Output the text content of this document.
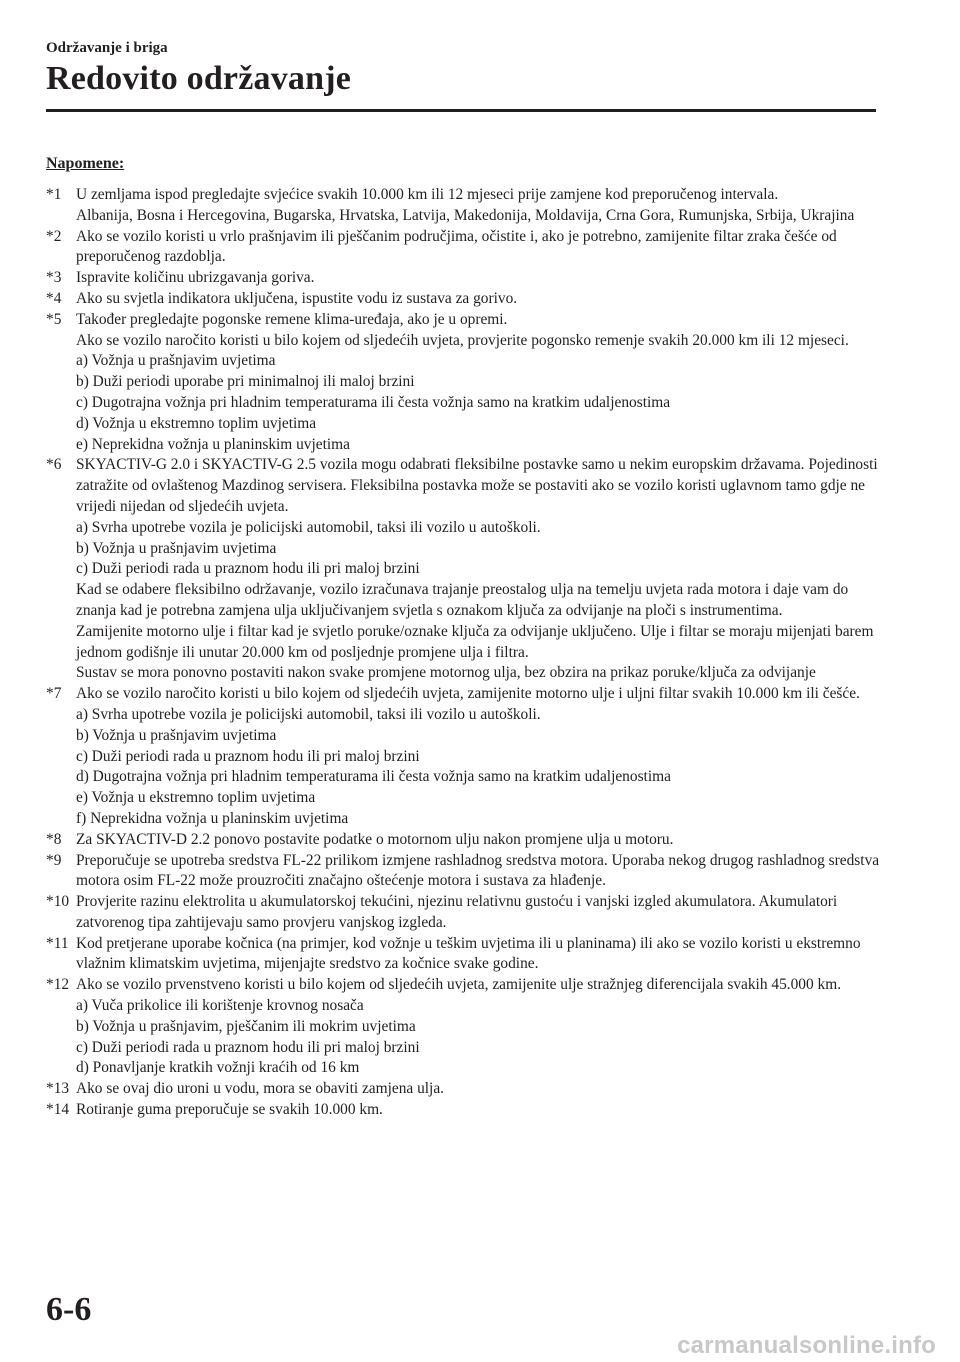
Održavanje i briga
Redovito održavanje
Napomene:
*1 U zemljama ispod pregledajte svjećice svakih 10.000 km ili 12 mjeseci prije zamjene kod preporučenog intervala.
Albanija, Bosna i Hercegovina, Bugarska, Hrvatska, Latvija, Makedonija, Moldavija, Crna Gora, Rumunjska, Srbija, Ukrajina
*2 Ako se vozilo koristi u vrlo prašnjavim ili pješčanim područjima, očistite i, ako je potrebno, zamijenite filtar zraka češće od preporučenog razdoblja.
*3 Ispravite količinu ubrizgavanja goriva.
*4 Ako su svjetla indikatora uključena, ispustite vodu iz sustava za gorivo.
*5 Također pregledajte pogonske remene klima-uređaja, ako je u opremi.
Ako se vozilo naročito koristi u bilo kojem od sljedećih uvjeta, provjerite pogonsko remenje svakih 20.000 km ili 12 mjeseci.
a) Vožnja u prašnjavim uvjetima
b) Duži periodi uporabe pri minimalnoj ili maloj brzini
c) Dugotrajna vožnja pri hladnim temperaturama ili česta vožnja samo na kratkim udaljenostima
d) Vožnja u ekstremno toplim uvjetima
e) Neprekidna vožnja u planinskim uvjetima
*6 SKYACTIV-G 2.0 i SKYACTIV-G 2.5 vozila mogu odabrati fleksibilne postavke samo u nekim europskim državama. Pojedinosti zatražite od ovlaštenog Mazdinog servisera. Fleksibilna postavka može se postaviti ako se vozilo koristi uglavnom tamo gdje ne vrijedi nijedan od sljedećih uvjeta.
a) Svrha upotrebe vozila je policijski automobil, taksi ili vozilo u autoškoli.
b) Vožnja u prašnjavim uvjetima
c) Duži periodi rada u praznom hodu ili pri maloj brzini
Kad se odabere fleksibilno održavanje, vozilo izračunava trajanje preostalog ulja na temelju uvjeta rada motora i daje vam do znanja kad je potrebna zamjena ulja uključivanjem svjetla s oznakom ključa za odvijanje na ploči s instrumentima.
Zamijenite motorno ulje i filtar kad je svjetlo poruke/oznake ključa za odvijanje uključeno. Ulje i filtar se moraju mijenjati barem jednom godišnje ili unutar 20.000 km od posljednje promjene ulja i filtra.
Sustav se mora ponovno postaviti nakon svake promjene motornog ulja, bez obzira na prikaz poruke/ključa za odvijanje
*7 Ako se vozilo naročito koristi u bilo kojem od sljedećih uvjeta, zamijenite motorno ulje i uljni filtar svakih 10.000 km ili češće.
a) Svrha upotrebe vozila je policijski automobil, taksi ili vozilo u autoškoli.
b) Vožnja u prašnjavim uvjetima
c) Duži periodi rada u praznom hodu ili pri maloj brzini
d) Dugotrajna vožnja pri hladnim temperaturama ili česta vožnja samo na kratkim udaljenostima
e) Vožnja u ekstremno toplim uvjetima
f) Neprekidna vožnja u planinskim uvjetima
*8 Za SKYACTIV-D 2.2 ponovo postavite podatke o motornom ulju nakon promjene ulja u motoru.
*9 Preporučuje se upotreba sredstva FL-22 prilikom izmjene rashladnog sredstva motora. Uporaba nekog drugog rashladnog sredstva motora osim FL-22 može prouzročiti značajno oštećenje motora i sustava za hlađenje.
*10 Provjerite razinu elektrolita u akumulatorskoj tekućini, njezinu relativnu gustoću i vanjski izgled akumulatora. Akumulatori zatvorenog tipa zahtijevaju samo provjeru vanjskog izgleda.
*11 Kod pretjerane uporabe kočnica (na primjer, kod vožnje u teškim uvjetima ili u planinama) ili ako se vozilo koristi u ekstremno vlažnim klimatskim uvjetima, mijenjajte sredstvo za kočnice svake godine.
*12 Ako se vozilo prvenstveno koristi u bilo kojem od sljedećih uvjeta, zamijenite ulje stražnjeg diferencijala svakih 45.000 km.
a) Vuča prikolice ili korištenje krovnog nosača
b) Vožnja u prašnjavim, pješčanim ili mokrim uvjetima
c) Duži periodi rada u praznom hodu ili pri maloj brzini
d) Ponavljanje kratkih vožnji kraćih od 16 km
*13 Ako se ovaj dio uroni u vodu, mora se obaviti zamjena ulja.
*14 Rotiranje guma preporučuje se svakih 10.000 km.
6-6
carmanualsonline.info
